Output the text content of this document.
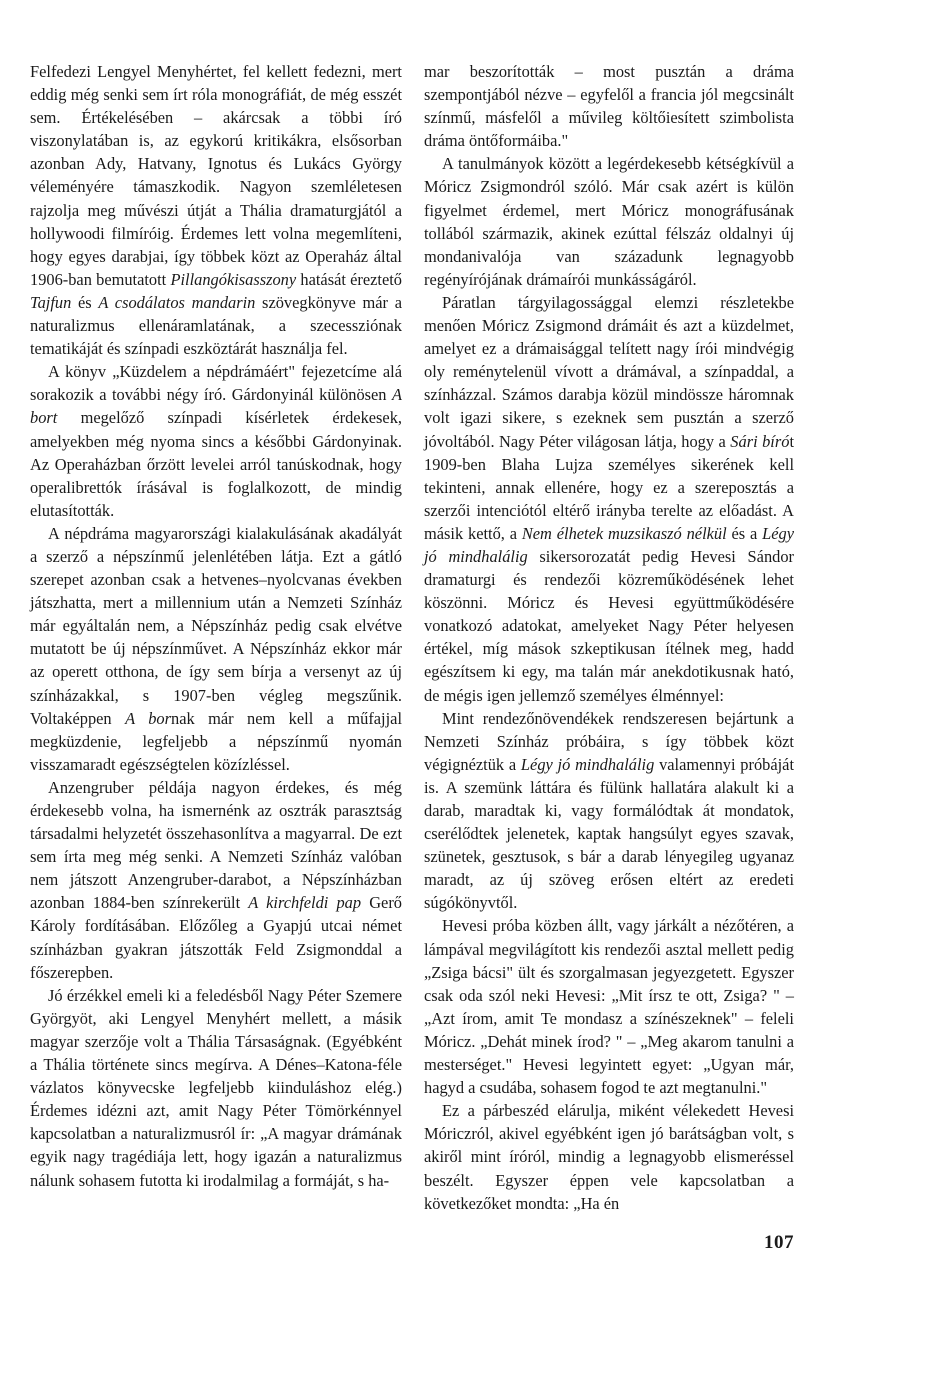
Felfedezi Lengyel Menyhértet, fel kellett fedezni, mert eddig még senki sem írt róla monográfiát, de még esszét sem. Értékelésében – akárcsak a többi író viszonylatában is, az egykorú kritikákra, elsősorban azonban Ady, Hatvany, Ignotus és Lukács György véleményére támaszkodik. Nagyon szemléletesen rajzolja meg művészi útját a Thália dramaturgjától a hollywoodi filmíróig. Érdemes lett volna megemlíteni, hogy egyes darabjai, így többek közt az Operaház által 1906-ban bemutatott Pillangókisasszony hatását éreztető Tajfun és A csodálatos mandarin szövegkönyve már a naturalizmus ellenáramlatának, a szecessziónak tematikáját és színpadi eszköztárát használja fel.

A könyv „Küzdelem a népdrámáért" fejezetcíme alá sorakozik a további négy író. Gárdonyinál különösen A bort megelőző színpadi kísérletek érdekesek, amelyekben még nyoma sincs a későbbi Gárdonyinak. Az Operaházban őrzött levelei arról tanúskodnak, hogy operalibrettók írásával is foglalkozott, de mindig elutasították.

A népdráma magyarországi kialakulásának akadályát a szerző a népszínmű jelenlétében látja. Ezt a gátló szerepet azonban csak a hetvenes–nyolcvanas években játszhatta, mert a millennium után a Nemzeti Színház már egyáltalán nem, a Népszínház pedig csak elvétve mutatott be új népszínművet. A Népszínház ekkor már az operett otthona, de így sem bírja a versenyt az új színházakkal, s 1907-ben végleg megszűnik. Voltaképpen A bornak már nem kell a műfajjal megküzdenie, legfeljebb a népszínmű nyomán visszamaradt egészségtelen közízléssel.

Anzengruber példája nagyon érdekes, és még érdekesebb volna, ha ismernénk az osztrák parasztság társadalmi helyzetét összehasonlítva a magyarral. De ezt sem írta meg még senki. A Nemzeti Színház valóban nem játszott Anzengruber-darabot, a Népszínházban azonban 1884-ben színrekerült A kirchfeldi pap Gerő Károly fordításában. Előzőleg a Gyapjú utcai német színházban gyakran játszották Feld Zsigmonddal a főszerepben.

Jó érzékkel emeli ki a feledésből Nagy Péter Szemere Györgyöt, aki Lengyel Menyhért mellett, a másik magyar szerzője volt a Thália Társaságnak. (Egyébként a Thália története sincs megírva. A Dénes–Katona-féle vázlatos könyvecske legfeljebb kiinduláshoz elég.) Érdemes idézni azt, amit Nagy Péter Tömörkénnyel kapcsolatban a naturalizmusról ír: „A magyar drámának egyik nagy tragédiája lett, hogy igazán a naturalizmus nálunk sohasem futotta ki irodalmilag a formáját, s ha-

mar beszorították – most pusztán a dráma szempontjából nézve – egyfelől a francia jól megcsinált színmű, másfelől a művileg költőiesített szimbolista dráma öntőformáiba."

A tanulmányok között a legérdekesebb kétségkívül a Móricz Zsigmondról szóló. Már csak azért is külön figyelmet érdemel, mert Móricz monográfusának tollából származik, akinek ezúttal félszáz oldalnyi új mondanivalója van századunk legnagyobb regényírójának drámaírói munkásságáról.

Páratlan tárgyilagossággal elemzi részletekbe menően Móricz Zsigmond drámáit és azt a küzdelmet, amelyet ez a drámaisággal telített nagy írói mindvégig oly reménytelenül vívott a drámával, a színpaddal, a színházzal. Számos darabja közül mindössze háromnak volt igazi sikere, s ezeknek sem pusztán a szerző jóvoltából. Nagy Péter világosan látja, hogy a Sári bírót 1909-ben Blaha Lujza személyes sikerének kell tekinteni, annak ellenére, hogy ez a szereposztás a szerzői intenciótól eltérő irányba terelte az előadást. A másik kettő, a Nem élhetek muzsikaszó nélkül és a Légy jó mindhalálig sikersorozatát pedig Hevesi Sándor dramaturgi és rendezői közreműködésének lehet köszönni. Móricz és Hevesi együttműködésére vonatkozó adatokat, amelyeket Nagy Péter helyesen értékel, míg mások szkeptikusan ítélnek meg, hadd egészítsem ki egy, ma talán már anekdotikusnak ható, de mégis igen jellemző személyes élménnyel:

Mint rendezőnövendékek rendszeresen bejártunk a Nemzeti Színház próbáira, s így többek közt végignéztük a Légy jó mindhalálig valamennyi próbáját is. A szemünk láttára és fülünk hallatára alakult ki a darab, maradtak ki, vagy formálódtak át mondatok, cserélődtek jelenetek, kaptak hangsúlyt egyes szavak, szünetek, gesztusok, s bár a darab lényegileg ugyanaz maradt, az új szöveg erősen eltért az eredeti súgókönyvtől.

Hevesi próba közben állt, vagy járkált a nézőtéren, a lámpával megvilágított kis rendezői asztal mellett pedig „Zsiga bácsi" ült és szorgalmasan jegyezgetett. Egyszer csak oda szól neki Hevesi: „Mit írsz te ott, Zsiga? " – „Azt írom, amit Te mondasz a színészeknek" – feleli Móricz. „Dehát minek írod? " – „Meg akarom tanulni a mesterséget." Hevesi legyintett egyet: „Ugyan már, hagyd a csudába, sohasem fogod te azt megtanulni."

Ez a párbeszéd elárulja, miként vélekedett Hevesi Móriczról, akivel egyébként igen jó barátságban volt, s akiről mint íróról, mindig a legnagyobb elismeréssel beszélt. Egyszer éppen vele kapcsolatban a következőket mondta: „Ha én

107
